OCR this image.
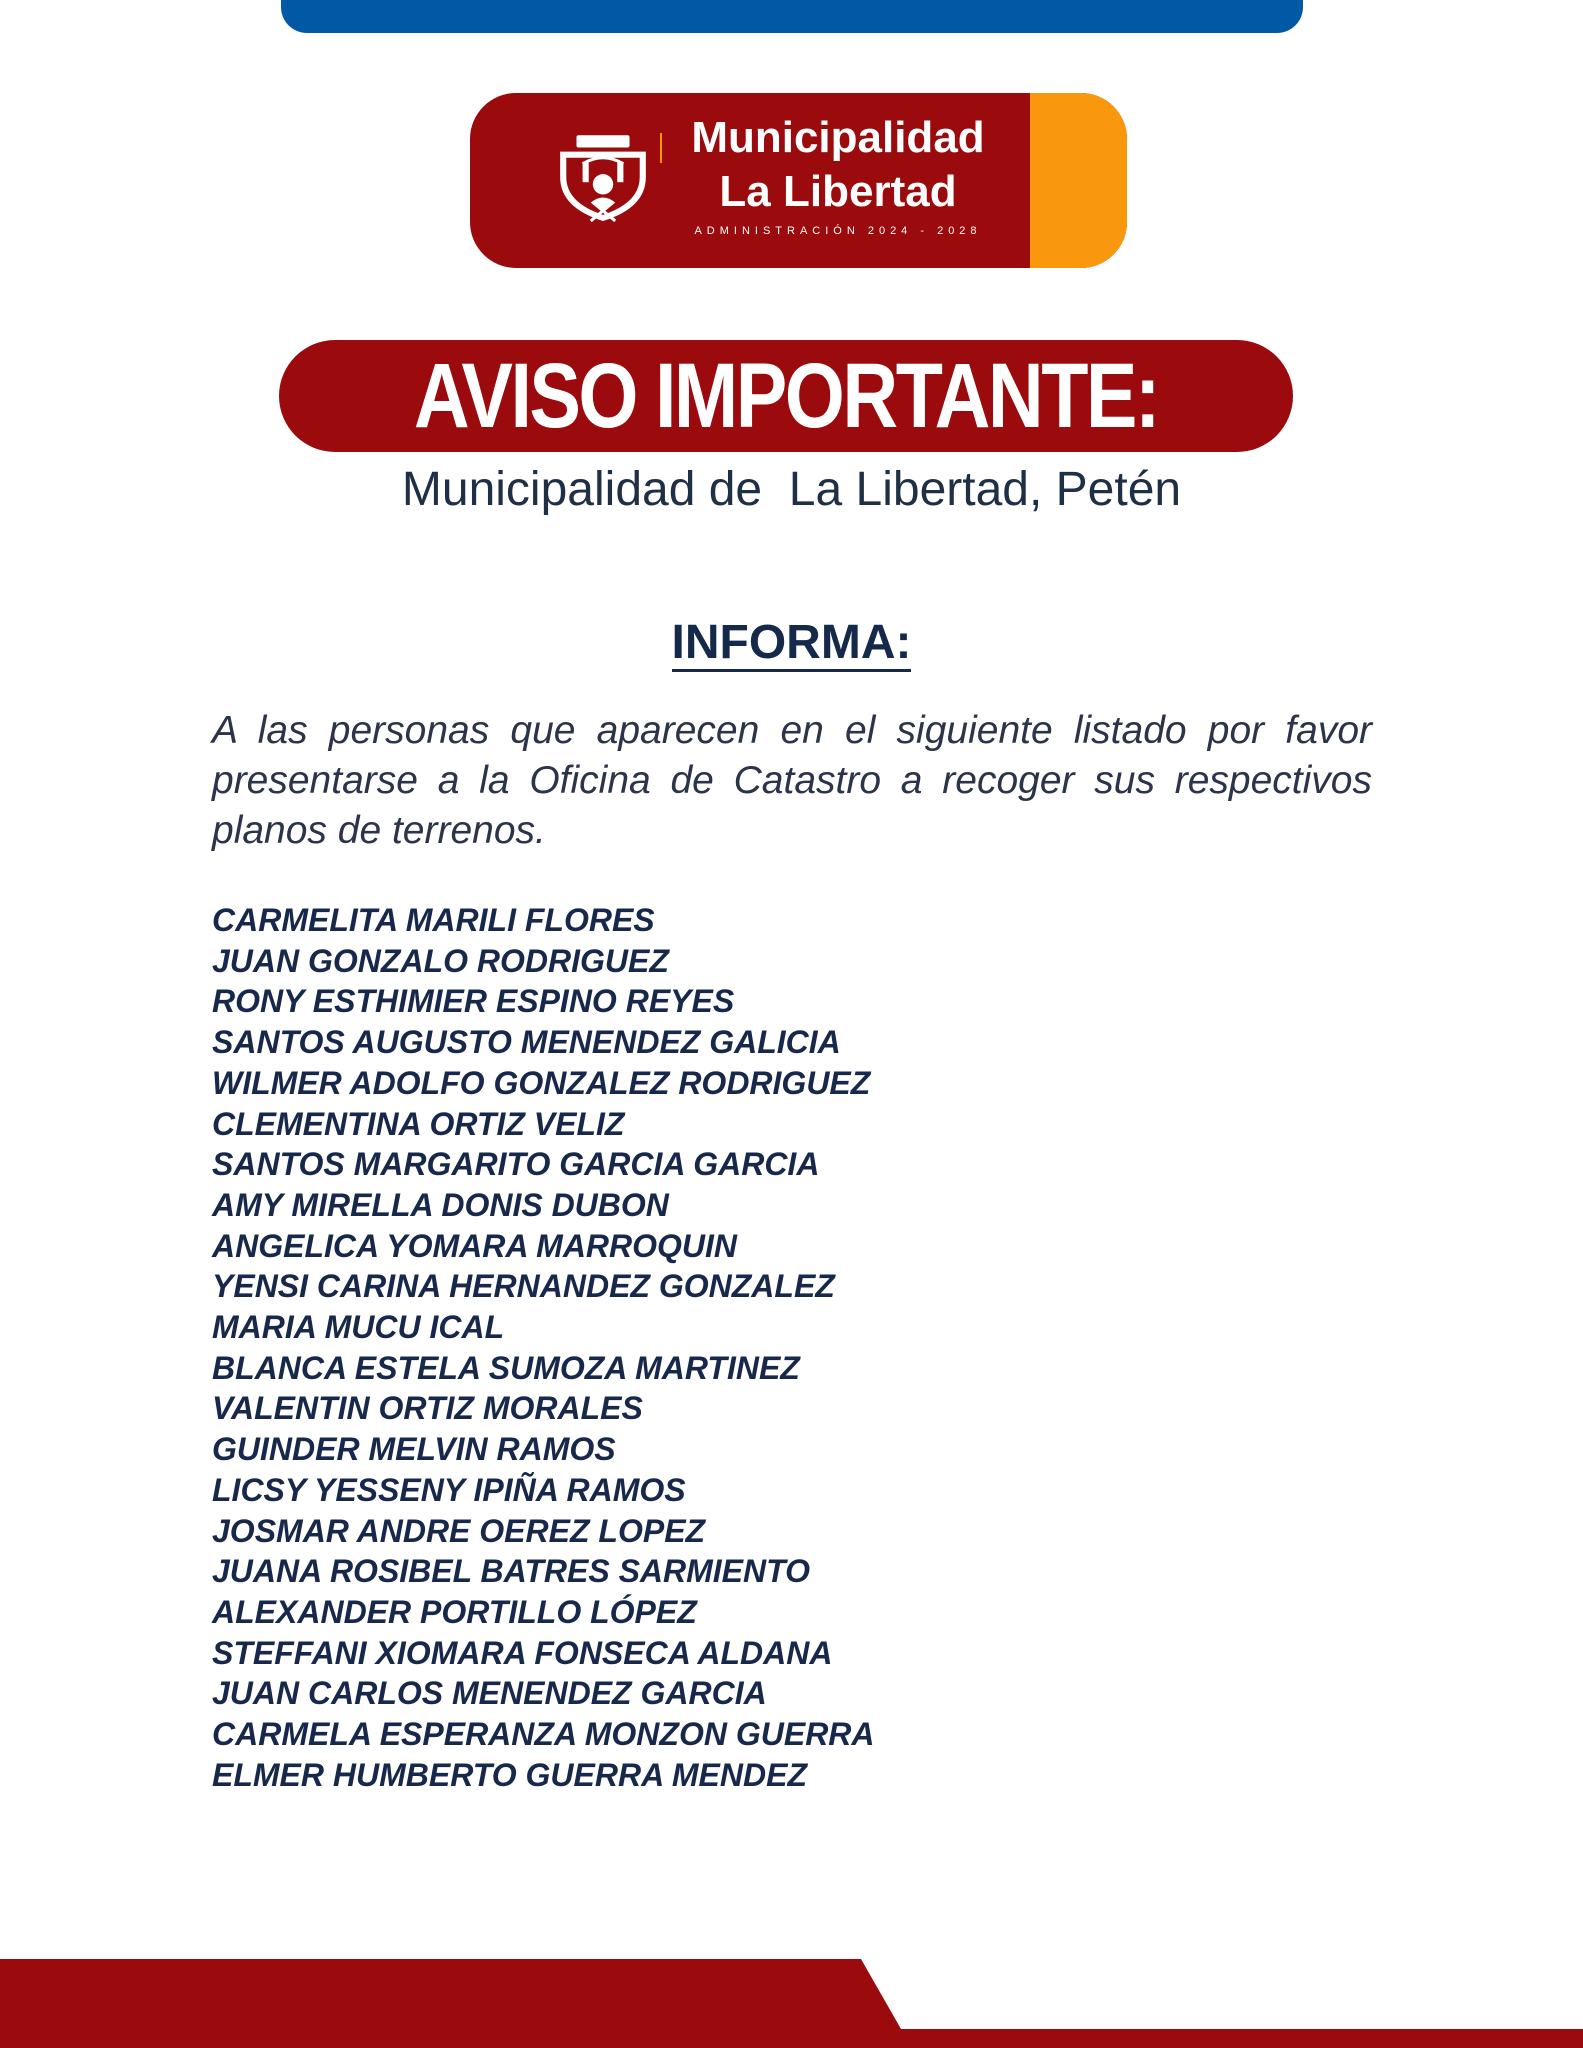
Municipalidad
La Libertad
ADMINISTRACIÓN 2024 - 2028
AVISO IMPORTANTE:
Municipalidad de  La Libertad, Petén
INFORMA:
A las personas que aparecen en el siguiente listado por favor presentarse a la Oficina de Catastro a recoger sus respectivos planos de terrenos.
CARMELITA MARILI FLORES
JUAN GONZALO RODRIGUEZ
RONY ESTHIMIER ESPINO REYES
SANTOS AUGUSTO MENENDEZ GALICIA
WILMER ADOLFO GONZALEZ RODRIGUEZ
CLEMENTINA ORTIZ VELIZ
SANTOS MARGARITO GARCIA GARCIA
AMY MIRELLA DONIS DUBON
ANGELICA YOMARA MARROQUIN
YENSI CARINA HERNANDEZ GONZALEZ
MARIA MUCU ICAL
BLANCA ESTELA SUMOZA MARTINEZ
VALENTIN ORTIZ MORALES
GUINDER MELVIN RAMOS
LICSY YESSENY IPIÑA RAMOS
JOSMAR ANDRE OEREZ LOPEZ
JUANA ROSIBEL BATRES SARMIENTO
ALEXANDER PORTILLO LÓPEZ
STEFFANI XIOMARA FONSECA ALDANA
JUAN CARLOS MENENDEZ GARCIA
CARMELA ESPERANZA MONZON GUERRA
ELMER HUMBERTO GUERRA MENDEZ
